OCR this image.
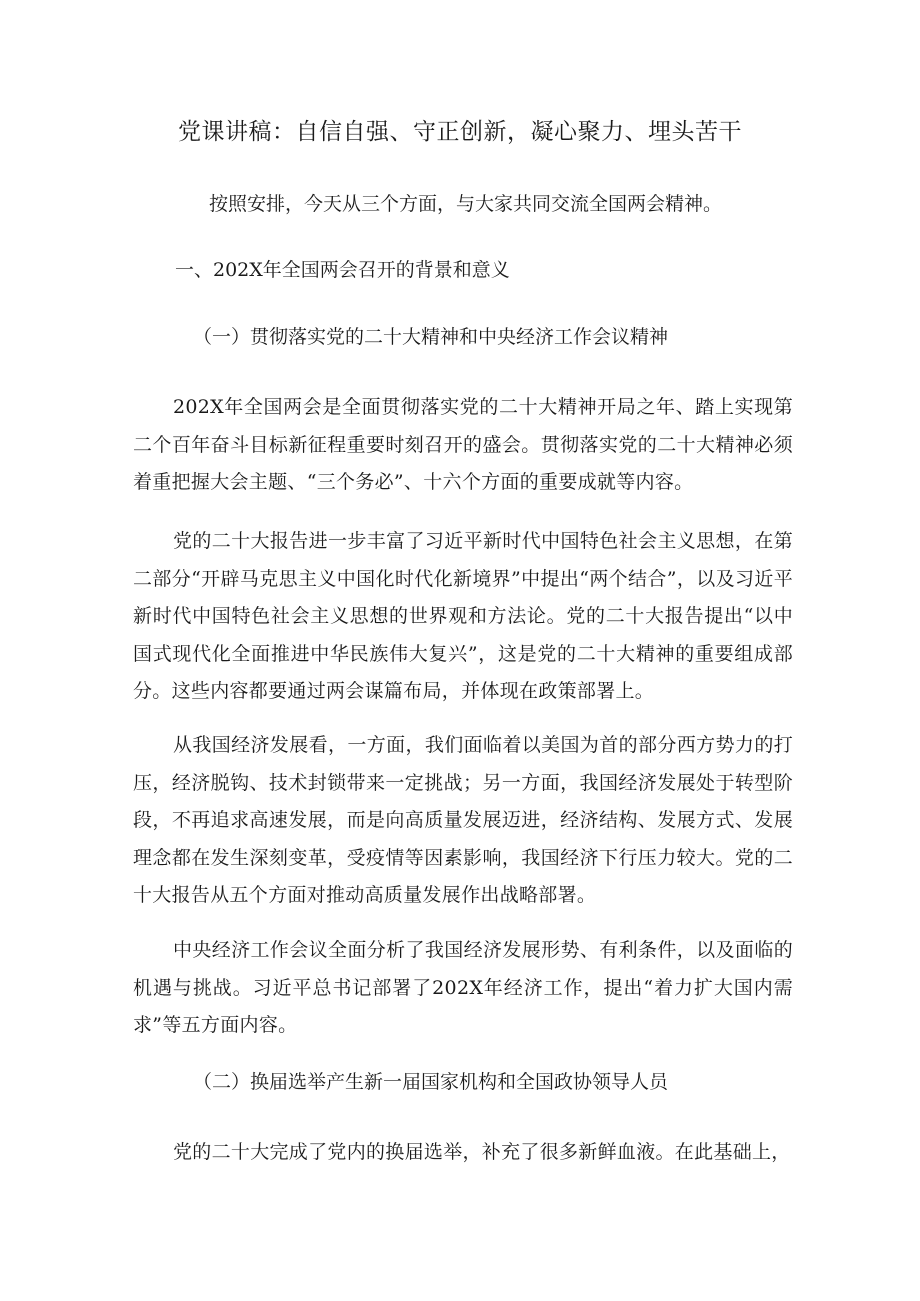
党课讲稿：自信自强、守正创新，凝心聚力、埋头苦干

按照安排，今天从三个方面，与大家共同交流全国两会精神。

一、202X年全国两会召开的背景和意义

（一）贯彻落实党的二十大精神和中央经济工作会议精神

202X年全国两会是全面贯彻落实党的二十大精神开局之年、踏上实现第二个百年奋斗目标新征程重要时刻召开的盛会。贯彻落实党的二十大精神必须着重把握大会主题、“三个务必”、十六个方面的重要成就等内容。

党的二十大报告进一步丰富了习近平新时代中国特色社会主义思想，在第二部分“开辟马克思主义中国化时代化新境界”中提出“两个结合”，以及习近平新时代中国特色社会主义思想的世界观和方法论。党的二十大报告提出“以中国式现代化全面推进中华民族伟大复兴”，这是党的二十大精神的重要组成部分。这些内容都要通过两会谋篇布局，并体现在政策部署上。

从我国经济发展看，一方面，我们面临着以美国为首的部分西方势力的打压，经济脱钩、技术封锁带来一定挑战；另一方面，我国经济发展处于转型阶段，不再追求高速发展，而是向高质量发展迈进，经济结构、发展方式、发展理念都在发生深刻变革，受疫情等因素影响，我国经济下行压力较大。党的二十大报告从五个方面对推动高质量发展作出战略部署。

中央经济工作会议全面分析了我国经济发展形势、有利条件，以及面临的机遇与挑战。习近平总书记部署了202X年经济工作，提出“着力扩大国内需求”等五方面内容。

（二）换届选举产生新一届国家机构和全国政协领导人员

党的二十大完成了党内的换届选举，补充了很多新鲜血液。在此基础上，
